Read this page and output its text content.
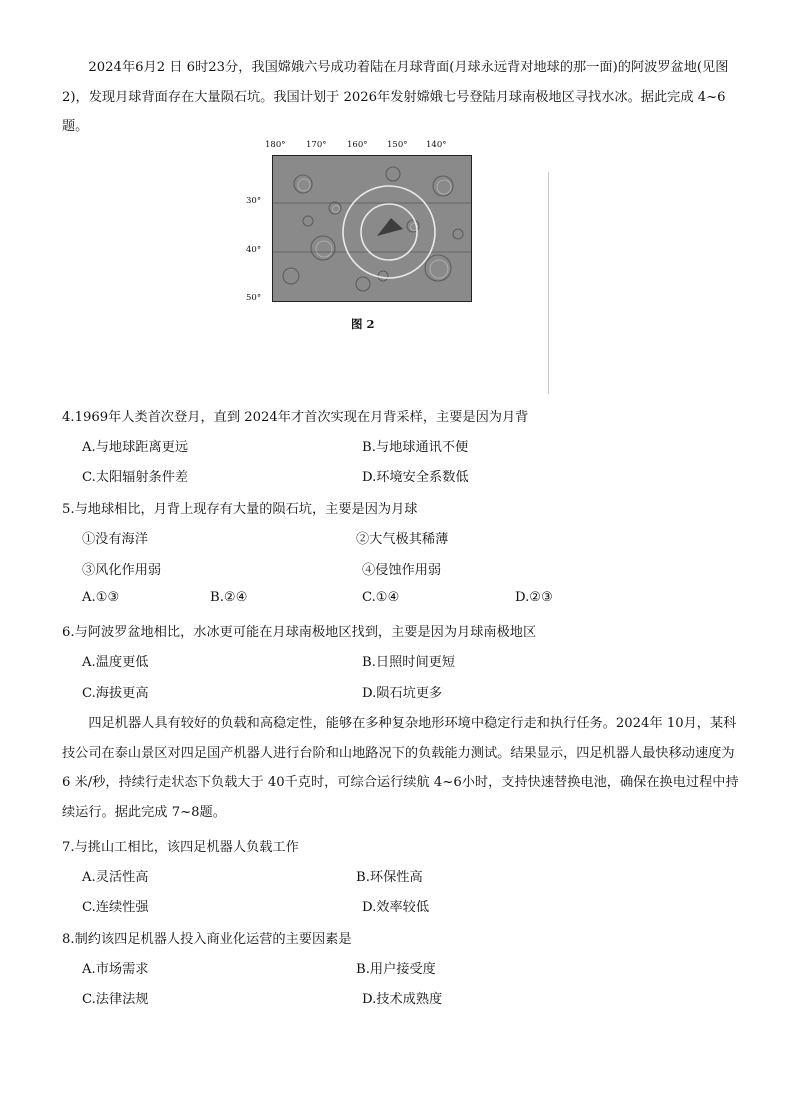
2024年6月2 日 6时23分，我国嫦娥六号成功着陆在月球背面(月球永远背对地球的那一面)的阿波罗盆地(见图2)，发现月球背面存在大量陨石坑。我国计划于 2026年发射嫦娥七号登陆月球南极地区寻找水冰。据此完成 4~6题。
180° 170° 160° 150° 140°
30°
40°
50°
图 2
4.1969年人类首次登月，直到 2024年才首次实现在月背采样，主要是因为月背
A.与地球距离更远	B.与地球通讯不便
C.太阳辐射条件差	D.环境安全系数低
5.与地球相比，月背上现存有大量的陨石坑，主要是因为月球
①没有海洋	②大气极其稀薄
③风化作用弱	④侵蚀作用弱
A.①③	B.②④	C.①④	D.②③
6.与阿波罗盆地相比，水冰更可能在月球南极地区找到，主要是因为月球南极地区
A.温度更低	B.日照时间更短
C.海拔更高	D.陨石坑更多
四足机器人具有较好的负载和高稳定性，能够在多种复杂地形环境中稳定行走和执行任务。2024年 10月，某科技公司在泰山景区对四足国产机器人进行台阶和山地路况下的负载能力测试。结果显示，四足机器人最快移动速度为 6 米/秒，持续行走状态下负载大于 40千克时，可综合运行续航 4~6小时，支持快速替换电池，确保在换电过程中持续运行。据此完成 7~8题。
7.与挑山工相比，该四足机器人负载工作
A.灵活性高	B.环保性高
C.连续性强	D.效率较低
8.制约该四足机器人投入商业化运营的主要因素是
A.市场需求	B.用户接受度
C.法律法规	D.技术成熟度
